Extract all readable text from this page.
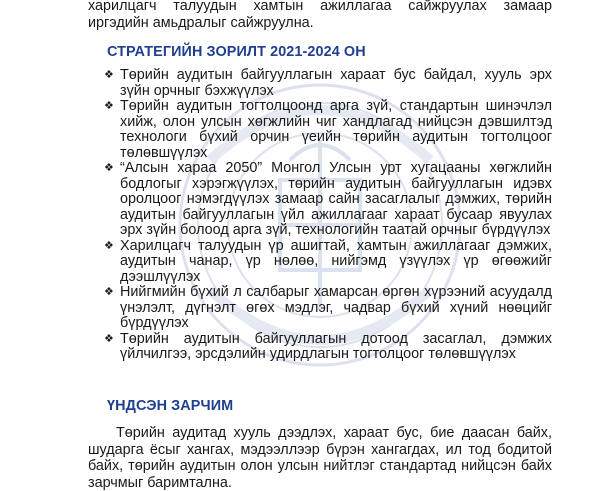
харилцагч талуудын хамтын ажиллагаа сайжруулах замаар иргэдийн амьдралыг сайжруулна.

СТРАТЕГИЙН ЗОРИЛТ 2021-2024 ОН
❖ Төрийн аудитын байгууллагын хараат бус байдал, хууль эрх зүйн орчныг бэхжүүлэх
❖ Төрийн аудитын тогтолцоонд арга зүй, стандартын шинэчлэл хийж, олон улсын хөгжлийн чиг хандлагад нийцсэн дэвшилтэд технологи бүхий орчин үеийн төрийн аудитын тогтолцоог төлөвшүүлэх
❖ “Алсын хараа 2050” Монгол Улсын урт хугацааны хөгжлийн бодлогыг хэрэгжүүлэх, төрийн аудитын байгууллагын идэвх оролцоог нэмэгдүүлэх замаар сайн засаглалыг дэмжих, төрийн аудитын байгууллагын үйл ажиллагааг хараат бусаар явуулах эрх зүйн болоод арга зүй, технологийн таатай орчныг бүрдүүлэх
❖ Харилцагч талуудын үр ашигтай, хамтын ажиллагааг дэмжих, аудитын чанар, үр нөлөө, нийгэмд үзүүлэх үр өгөөжийг дээшлүүлэх
❖ Нийгмийн бүхий л салбарыг хамарсан өргөн хүрээний асуудалд үнэлэлт, дүгнэлт өгөх мэдлэг, чадвар бүхий хүний нөөцийг бүрдүүлэх
❖ Төрийн аудитын байгууллагын дотоод засаглал, дэмжих үйлчилгээ, эрсдэлийн удирдлагын тогтолцоог төлөвшүүлэх
ҮНДСЭН ЗАРЧИМ

Төрийн аудитад хууль дээдлэх, хараат бус, бие даасан байх, шударга ёсыг хангах, мэдээллээр бүрэн хангагдах, ил тод бодитой байх, төрийн аудитын олон улсын нийтлэг стандартад нийцсэн байх зарчмыг баримтална.
